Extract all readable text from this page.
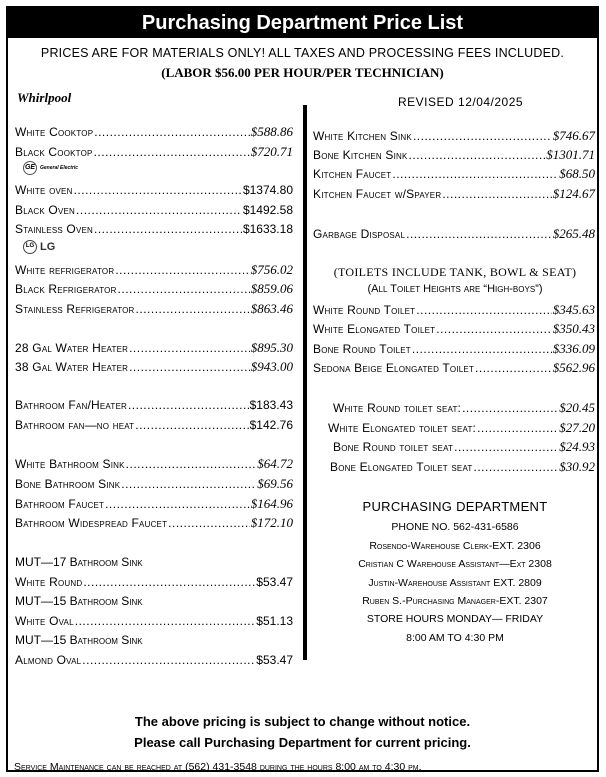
Purchasing Department Price List
PRICES ARE FOR MATERIALS ONLY! ALL TAXES AND PROCESSING FEES INCLUDED.
(LABOR $56.00 PER HOUR/PER TECHNICIAN)
Whirlpool	REVISED 12/04/2025
White Cooktop .....	$588.86
Black Cooktop .....	$720.71
GE General Electric
White oven .....	$1374.80
Black Oven .....	$1492.58
Stainless Oven .....	$1633.18
LG LG
White refrigerator .....	$756.02
Black Refrigerator .....	$859.06
Stainless Refrigerator .....	$863.46
28 Gal Water Heater .....	$895.30
38 Gal Water Heater .....	$943.00
Bathroom Fan/Heater .....	$183.43
Bathroom fan—no heat .....	$142.76
White Bathroom Sink .....	$64.72
Bone Bathroom Sink .....	$69.56
Bathroom Faucet .....	$164.96
Bathroom Widespread Faucet .....	$172.10
MUT—17 Bathroom Sink
White Round .....	$53.47
MUT—15 Bathroom Sink
White Oval .....	$51.13
MUT—15 Bathroom Sink
Almond Oval .....	$53.47
White Kitchen Sink .....	$746.67
Bone Kitchen Sink .....	$1301.71
Kitchen Faucet .....	$68.50
Kitchen Faucet w/Spayer .....	$124.67
Garbage Disposal .....	$265.48
(TOILETS INCLUDE TANK, BOWL & SEAT)
(All Toilet Heights are “High-boys”)
White Round Toilet .....	$345.63
White Elongated Toilet .....	$350.43
Bone Round Toilet .....	$336.09
Sedona Beige Elongated Toilet .....	$562.96
White Round toilet seat: .....	$20.45
White Elongated toilet seat: .....	$27.20
Bone Round toilet seat .....	$24.93
Bone Elongated Toilet seat .....	$30.92
PURCHASING DEPARTMENT
PHONE NO. 562-431-6586
Rosendo-Warehouse Clerk-EXT. 2306
Cristian C Warehouse Assistant—Ext 2308
Justin-Warehouse Assistant EXT. 2809
Ruben S.-Purchasing Manager-EXT. 2307
STORE HOURS MONDAY— FRIDAY
8:00 AM TO 4:30 PM
The above pricing is subject to change without notice.
Please call Purchasing Department for current pricing.
Service Maintenance can be reached at (562) 431-3548 during the hours 8:00 am to 4:30 pm,
